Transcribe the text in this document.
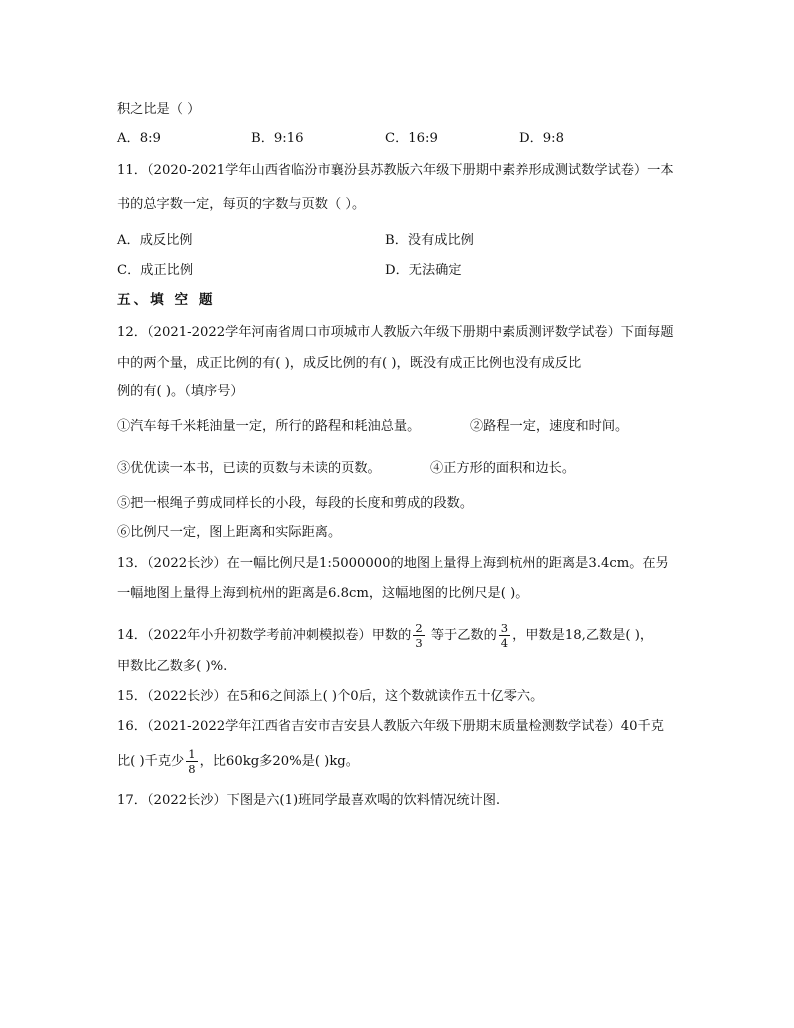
积之比是（ ）
A．8:9	B．9:16	C．16:9	D．9:8
11．（2020-2021学年山西省临汾市襄汾县苏教版六年级下册期中素养形成测试数学试卷）一本
书的总字数一定，每页的字数与页数（ ）。
A．成反比例	B．没有成比例
C．成正比例	D．无法确定
五、填 空 题
12．（2021-2022学年河南省周口市项城市人教版六年级下册期中素质测评数学试卷）下面每题
中的两个量，成正比例的有( )，成反比例的有( )，既没有成正比例也没有成反比
例的有( )。（填序号）
①汽车每千米耗油量一定，所行的路程和耗油总量。	②路程一定，速度和时间。
③优优读一本书，已读的页数与未读的页数。	④正方形的面积和边长。
⑤把一根绳子剪成同样长的小段，每段的长度和剪成的段数。
⑥比例尺一定，图上距离和实际距离。
13．（2022长沙）在一幅比例尺是1:5000000的地图上量得上海到杭州的距离是3.4cm。在另
一幅地图上量得上海到杭州的距离是6.8cm，这幅地图的比例尺是( )。
14．（2022年小升初数学考前冲刺模拟卷）甲数的 $\frac{2}{3}$ 等于乙数的 $\frac{3}{4}$ ，甲数是18,乙数是( )，
甲数比乙数多( )%.
15．（2022长沙）在5和6之间添上( )个0后，这个数就读作五十亿零六。
16．（2021-2022学年江西省吉安市吉安县人教版六年级下册期末质量检测数学试卷）40千克
比( )千克少 $\frac{1}{8}$ ，比60kg多20%是( )kg。
17．（2022长沙）下图是六(1)班同学最喜欢喝的饮料情况统计图.
